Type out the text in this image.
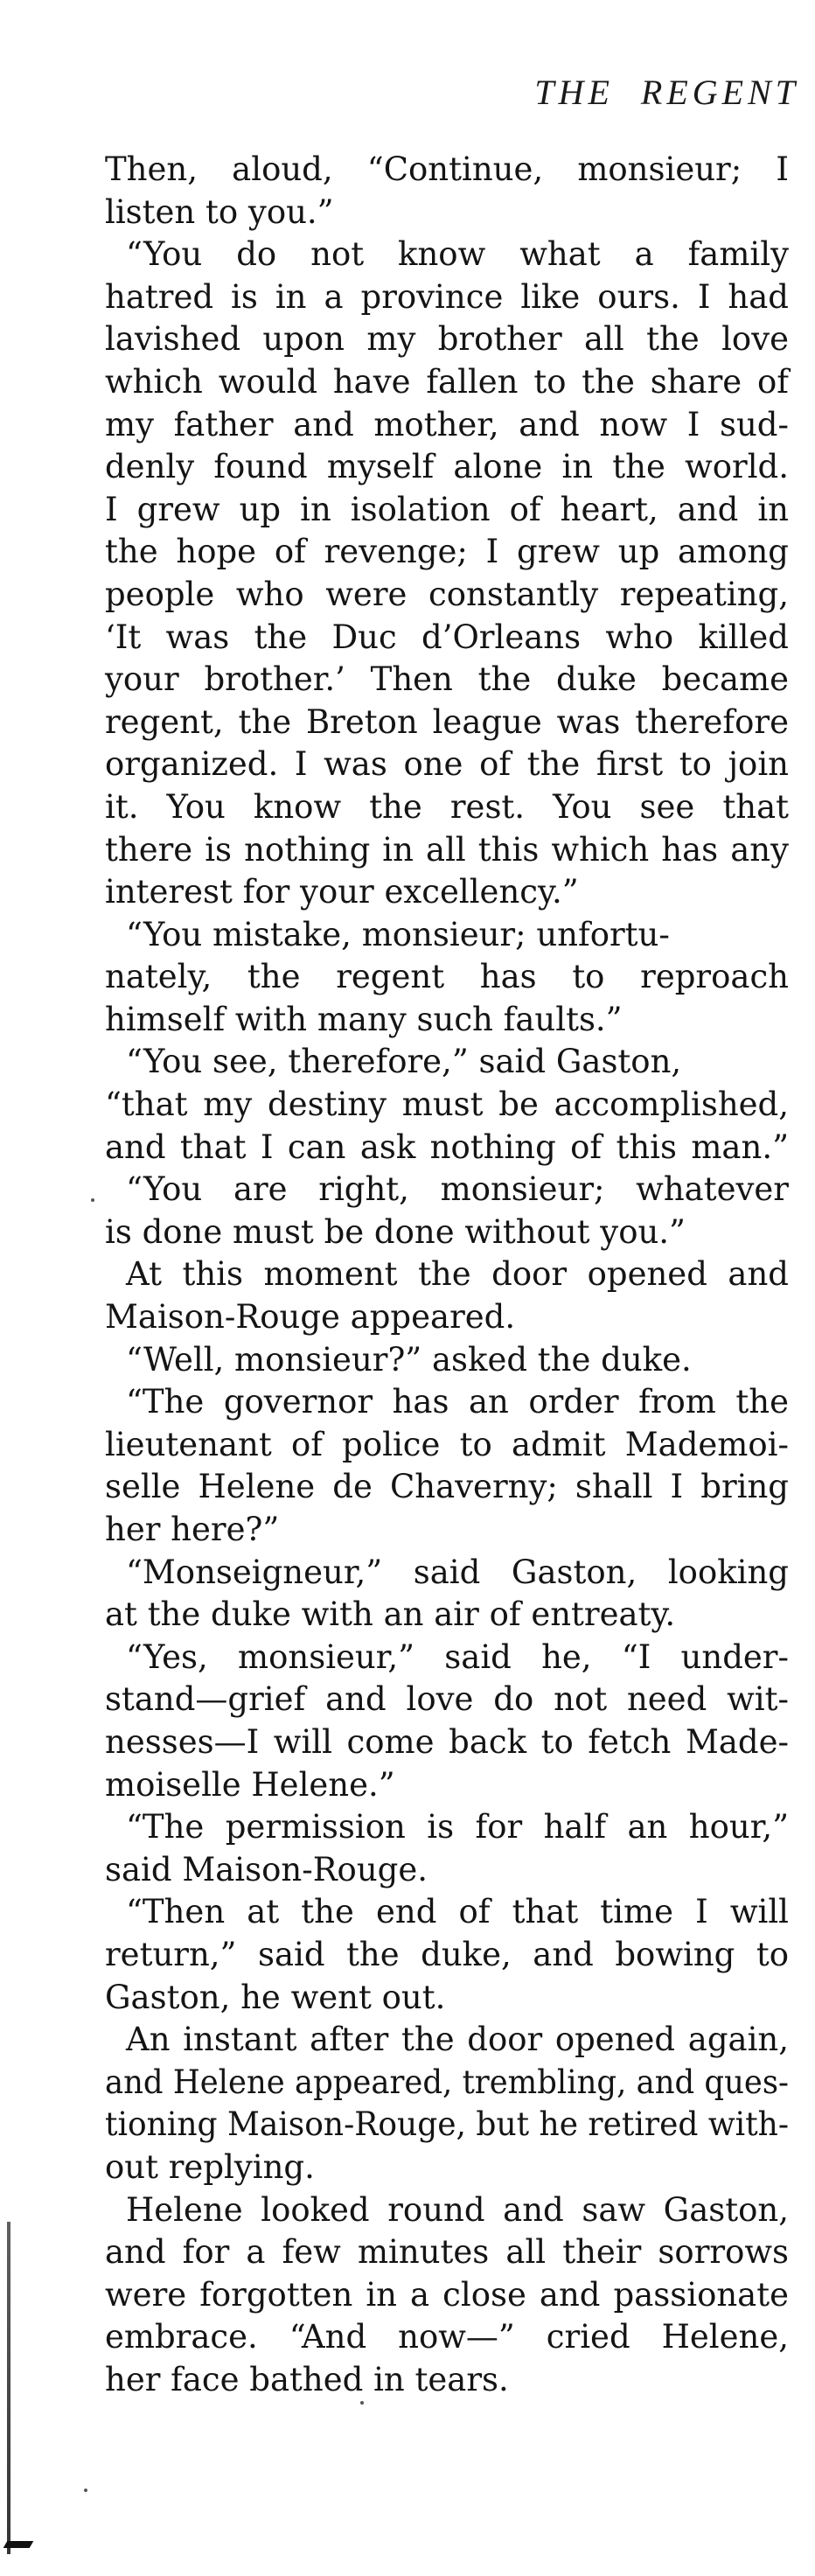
THE REGENT
Then, aloud, “Continue, monsieur; I
listen to you.”
“You do not know what a family
hatred is in a province like ours. I had
lavished upon my brother all the love
which would have fallen to the share of
my father and mother, and now I sud-
denly found myself alone in the world.
I grew up in isolation of heart, and in
the hope of revenge; I grew up among
people who were constantly repeating,
‘It was the Duc d’Orleans who killed
your brother.’ Then the duke became
regent, the Breton league was therefore
organized. I was one of the first to join
it. You know the rest. You see that
there is nothing in all this which has any
interest for your excellency.”
“You mistake, monsieur; unfortu-
nately, the regent has to reproach
himself with many such faults.”
“You see, therefore,” said Gaston,
“that my destiny must be accomplished,
and that I can ask nothing of this man.”
“You are right, monsieur; whatever
is done must be done without you.”
At this moment the door opened and
Maison-Rouge appeared.
“Well, monsieur?” asked the duke.
“The governor has an order from the
lieutenant of police to admit Mademoi-
selle Helene de Chaverny; shall I bring
her here?”
“Monseigneur,” said Gaston, looking
at the duke with an air of entreaty.
“Yes, monsieur,” said he, “I under-
stand—grief and love do not need wit-
nesses—I will come back to fetch Made-
moiselle Helene.”
“The permission is for half an hour,”
said Maison-Rouge.
“Then at the end of that time I will
return,” said the duke, and bowing to
Gaston, he went out.
An instant after the door opened again,
and Helene appeared, trembling, and ques-
tioning Maison-Rouge, but he retired with-
out replying.
Helene looked round and saw Gaston,
and for a few minutes all their sorrows
were forgotten in a close and passionate
embrace. “And now—” cried Helene,
her face bathed in tears.
